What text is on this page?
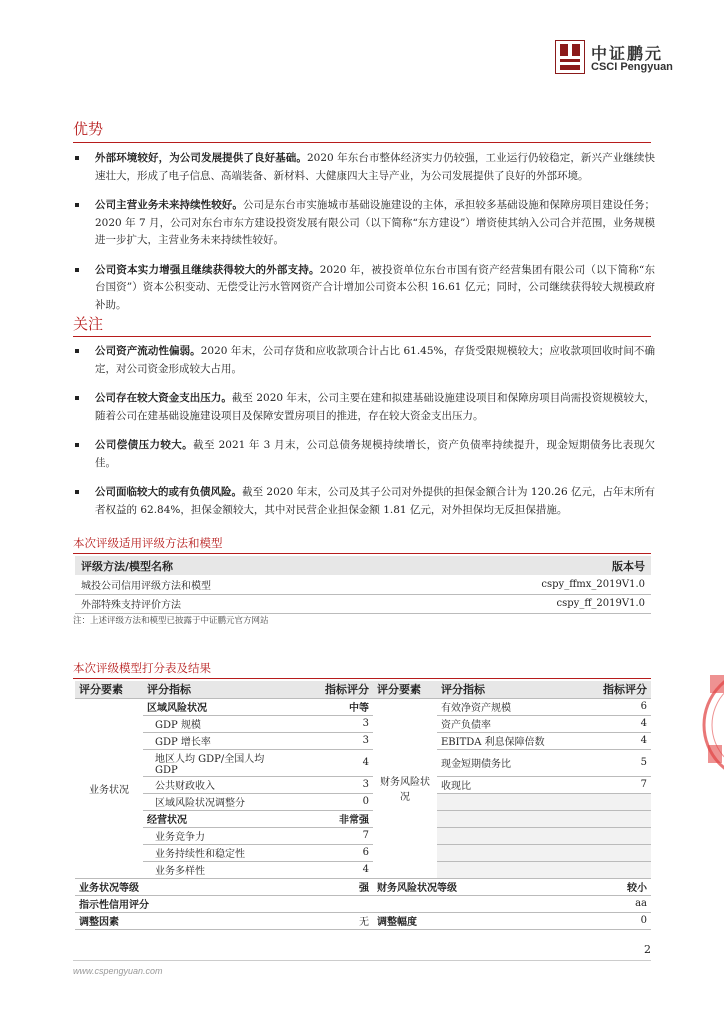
中证鹏元
CSCI Pengyuan
优势
外部环境较好，为公司发展提供了良好基础。2020 年东台市整体经济实力仍较强，工业运行仍较稳定，新兴产业继续快速壮大，形成了电子信息、高端装备、新材料、大健康四大主导产业，为公司发展提供了良好的外部环境。
公司主营业务未来持续性较好。公司是东台市实施城市基础设施建设的主体，承担较多基础设施和保障房项目建设任务；2020 年 7 月，公司对东台市东方建设投资发展有限公司（以下简称“东方建设”）增资使其纳入公司合并范围，业务规模进一步扩大，主营业务未来持续性较好。
公司资本实力增强且继续获得较大的外部支持。2020 年，被投资单位东台市国有资产经营集团有限公司（以下简称“东台国资”）资本公积变动、无偿受让污水管网资产合计增加公司资本公积 16.61 亿元；同时，公司继续获得较大规模政府补助。
关注
公司资产流动性偏弱。2020 年末，公司存货和应收款项合计占比 61.45%，存货受限规模较大；应收款项回收时间不确定，对公司资金形成较大占用。
公司存在较大资金支出压力。截至 2020 年末，公司主要在建和拟建基础设施建设项目和保障房项目尚需投资规模较大，随着公司在建基础设施建设项目及保障安置房项目的推进，存在较大资金支出压力。
公司偿债压力较大。截至 2021 年 3 月末，公司总债务规模持续增长，资产负债率持续提升，现金短期债务比表现欠佳。
公司面临较大的或有负债风险。截至 2020 年末，公司及其子公司对外提供的担保金额合计为 120.26 亿元，占年末所有者权益的 62.84%，担保金额较大，其中对民营企业担保金额 1.81 亿元，对外担保均无反担保措施。
本次评级适用评级方法和模型
评级方法/模型名称	版本号
城投公司信用评级方法和模型	cspy_ffmx_2019V1.0
外部特殊支持评价方法	cspy_ff_2019V1.0
注：上述评级方法和模型已披露于中证鹏元官方网站
本次评级模型打分表及结果
评分要素	评分指标	指标评分	评分要素	评分指标	指标评分
业务状况	区域风险状况	中等	财务风险状况	有效净资产规模	6
	GDP 规模	3		资产负债率	4
	GDP 增长率	3		EBITDA 利息保障倍数	4
	地区人均 GDP/全国人均 GDP	4		现金短期债务比	5
	公共财政收入	3		收现比	7
	区域风险状况调整分	0			
	经营状况	非常强			
	业务竞争力	7			
	业务持续性和稳定性	6			
	业务多样性	4			
业务状况等级		强	财务风险状况等级		较小
指示性信用评分					aa
调整因素		无	调整幅度		0
2
www.cspengyuan.com
